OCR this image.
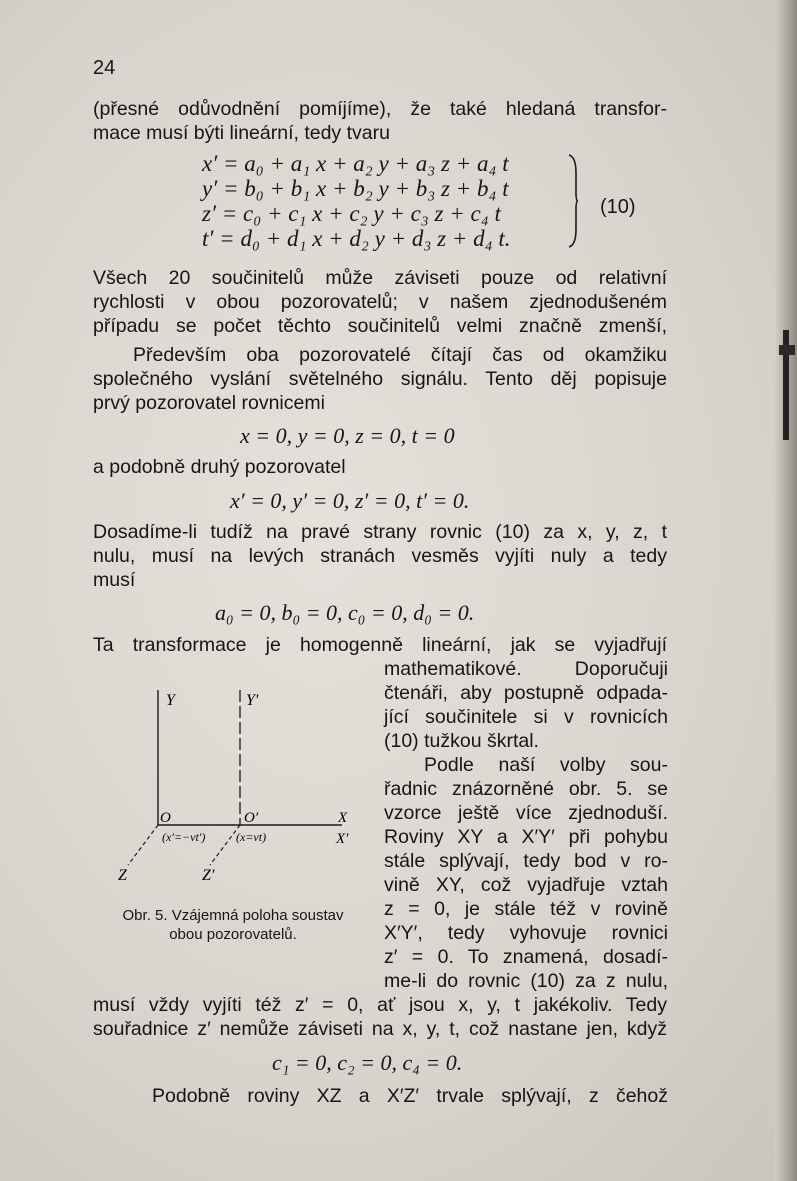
24
(přesné odůvodnění pomíjíme), že také hledaná transfor-
mace musí býti lineární, tedy tvaru
x′ = a₀ + a₁ x + a₂ y + a₃ z + a₄ t
y′ = b₀ + b₁ x + b₂ y + b₃ z + b₄ t
z′ = c₀ + c₁ x + c₂ y + c₃ z + c₄ t
t′ = d₀ + d₁ x + d₂ y + d₃ z + d₄ t.
(10)
Všech 20 součinitelů může záviseti pouze od relativní
rychlosti v obou pozorovatelů; v našem zjednodušeném
případu se počet těchto součinitelů velmi značně zmenší,
Především oba pozorovatelé čítají čas od okamžiku
společného vyslání světelného signálu. Tento děj popisuje
prvý pozorovatel rovnicemi
x = 0, y = 0, z = 0, t = 0
a podobně druhý pozorovatel
x′ = 0, y′ = 0, z′ = 0, t′ = 0.
Dosadíme-li tudíž na pravé strany rovnic (10) za x, y, z, t
nulu, musí na levých stranách vesměs vyjíti nuly a tedy
musí
a₀ = 0, b₀ = 0, c₀ = 0, d₀ = 0.
Ta transformace je homogenně lineární, jak se vyjadřují
mathematikové. Doporučuji
čtenáři, aby postupně odpada-
jící součinitele si v rovnicích
(10) tužkou škrtal.
Podle naší volby sou-
řadnic znázorněné obr. 5. se
vzorce ještě více zjednoduší.
Roviny XY a X′Y′ při pohybu
stále splývají, tedy bod v ro-
vině XY, což vyjadřuje vztah
z = 0, je stále též v rovině
X′Y′, tedy vyhovuje rovnici
z′ = 0. To znamená, dosadí-
me-li do rovnic (10) za z nulu,
musí vždy vyjíti též z′ = 0, ať jsou x, y, t jakékoliv. Tedy
souřadnice z′ nemůže záviseti na x, y, t, což nastane jen, když
c₁ = 0, c₂ = 0, c₄ = 0.
Podobně roviny XZ a X′Z′ trvale splývají, z čehož
Y	Y′
O	O′	X
X′
(x′=−vt′)	(x=vt)
Z	Z′
Obr. 5. Vzájemná poloha soustav
obou pozorovatelů.
